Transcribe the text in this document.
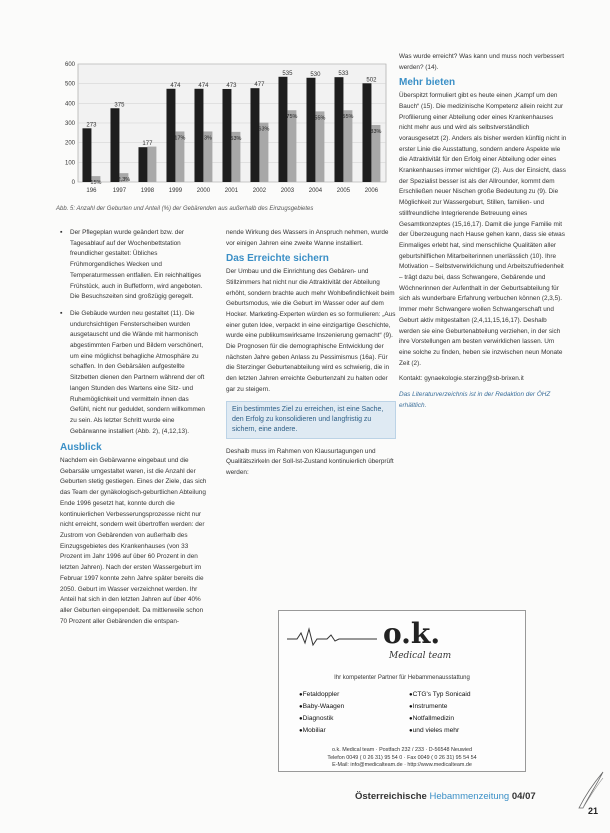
600
500
400
300
200
100
0
273
15%
196
375
2,3%
1997
177
1998
474
17%
1999
474
3%
2000
473
53%
2001
477
63%
2002
535
75%
2003
530
55%
2004
533
55%
2005
502
33%
2006
Abb. 5: Anzahl der Geburten und Anteil (%) der Gebärenden aus außerhalb des Einzugsgebietes
▪ Der Pflegeplan wurde geändert bzw. der Tagesablauf auf der Wochenbettstation freundlicher gestaltet: Übliches Frühmorgendliches Wecken und Temperaturmessen entfallen. Ein reichhaltiges Frühstück, auch in Buffetform, wird angeboten. Die Besuchszeiten sind großzügig geregelt.
▪ Die Gebäude wurden neu gestaltet (11). Die undurchsichtigen Fensterscheiben wurden ausgetauscht und die Wände mit harmonisch abgestimmten Farben und Bildern verschönert, um eine möglichst behagliche Atmosphäre zu schaffen. In den Gebärsälen aufgestellte Sitzbetten dienen den Partnern während der oft langen Stunden des Wartens eine Sitz- und Ruhemöglichkeit und vermitteln ihnen das Gefühl, nicht nur geduldet, sondern willkommen zu sein. Als letzter Schritt wurde eine Gebärwanne installiert (Abb. 2), (4,12,13).
Ausblick

Nachdem ein Gebärwanne eingebaut und die Gebarsäle umgestaltet waren, ist die Anzahl der Geburten stetig gestiegen. Eines der Ziele, das sich das Team der gynäkologisch-geburtlichen Abteilung Ende 1996 gesetzt hat, konnte durch die kontinuierlichen Verbesserungsprozesse nicht nur nicht erreicht, sondern weit übertroffen werden: der Zustrom von Gebärenden von außerhalb des Einzugsgebietes des Krankenhauses (von 33 Prozent im Jahr 1996 auf über 60 Prozent in den letzten Jahren). Nach der ersten Wassergeburt im Februar 1997 konnte zehn Jahre später bereits die 2050. Geburt im Wasser verzeichnet werden. Ihr Anteil hat sich in den letzten Jahren auf über 40% aller Geburten eingependelt. Da mittlerweile schon 70 Prozent aller Gebärenden die entspan-

nende Wirkung des Wassers in Anspruch nehmen, wurde vor einigen Jahren eine zweite Wanne installiert.

Das Erreichte sichern

Der Umbau und die Einrichtung des Gebären- und Stillzimmers hat nicht nur die Attraktivität der Abteilung erhöht, sondern brachte auch mehr Wohlbefindlichkeit beim Geburtsmodus, wie die Geburt im Wasser oder auf dem Hocker. Marketing-Experten würden es so formulieren: „Aus einer guten Idee, verpackt in eine einzigartige Geschichte, wurde eine publikumswirksame Inszenierung gemacht“ (9). Die Prognosen für die demographische Entwicklung der nächsten Jahre geben Anlass zu Pessimismus (16a). Für die Sterzinger Geburtenabteilung wird es schwierig, die in den letzten Jahren erreichte Geburtenzahl zu halten oder gar zu steigern.

Ein bestimmtes Ziel zu erreichen, ist eine Sache, den Erfolg zu konsolidieren und langfristig zu sichern, eine andere.

Deshalb muss im Rahmen von Klausurtagungen und Qualitätszirkeln der Soll-Ist-Zustand kontinuierlich überprüft werden:

Was wurde erreicht? Was kann und muss noch verbessert werden? (14).

Mehr bieten

Überspitzt formuliert gibt es heute einen „Kampf um den Bauch“ (15). Die medizinische Kompetenz allein reicht zur Profilierung einer Abteilung oder eines Krankenhauses nicht mehr aus und wird als selbstverständlich vorausgesetzt (2). Anders als bisher werden künftig nicht in erster Linie die Ausstattung, sondern andere Aspekte wie die Attraktivität für den Erfolg einer Abteilung oder eines Krankenhauses immer wichtiger (2). Aus der Einsicht, dass der Spezialist besser ist als der Allrounder, kommt dem Erschließen neuer Nischen große Bedeutung zu (9). Die Möglichkeit zur Wassergeburt, Stillen, familien- und stillfreundliche Integrierende Betreuung eines Gesamtkonzeptes (15,16,17). Damit die junge Familie mit der Überzeugung nach Hause gehen kann, dass sie etwas Einmaliges erlebt hat, sind menschliche Qualitäten aller geburtshilflichen Mitarbeiterinnen unerlässlich (10). Ihre Motivation – Selbstverwirklichung und Arbeitszufriedenheit – trägt dazu bei, dass Schwangere, Gebärende und Wöchnerinnen der Aufenthalt in der Geburtsabteilung für sich als wunderbare Erfahrung verbuchen können (2,3,5). Immer mehr Schwangere wollen Schwangerschaft und Geburt aktiv mitgestalten (2,4,11,15,16,17). Deshalb werden sie eine Geburtenabteilung verziehen, in der sich ihre Vorstellungen am besten verwirklichen lassen. Um eine solche zu finden, heben sie inzwischen neun Monate Zeit (2).

Kontakt: gynaekologie.sterzing@sb-brixen.it

Das Literaturverzeichnis ist in der Redaktion der ÖHZ erhältlich.

o.k.
Medical team
Ihr kompetenter Partner für Hebammenausstattung
● Fetaldoppler
● Baby-Waagen
● Diagnostik
● Mobiliar
● CTG's Typ Sonicaid
● Instrumente
● Notfallmedizin
● und vieles mehr
o.k. Medical team · Postfach 232 / 233 · D-56548 Neuwied
Telefon 0049 ( 0 26 31) 95 54 0 · Fax 0049 ( 0 26 31) 95 54 54
E-Mail: info@medicalteam.de · http://www.medicalteam.de
Österreichische Hebammenzeitung 04/07
21
